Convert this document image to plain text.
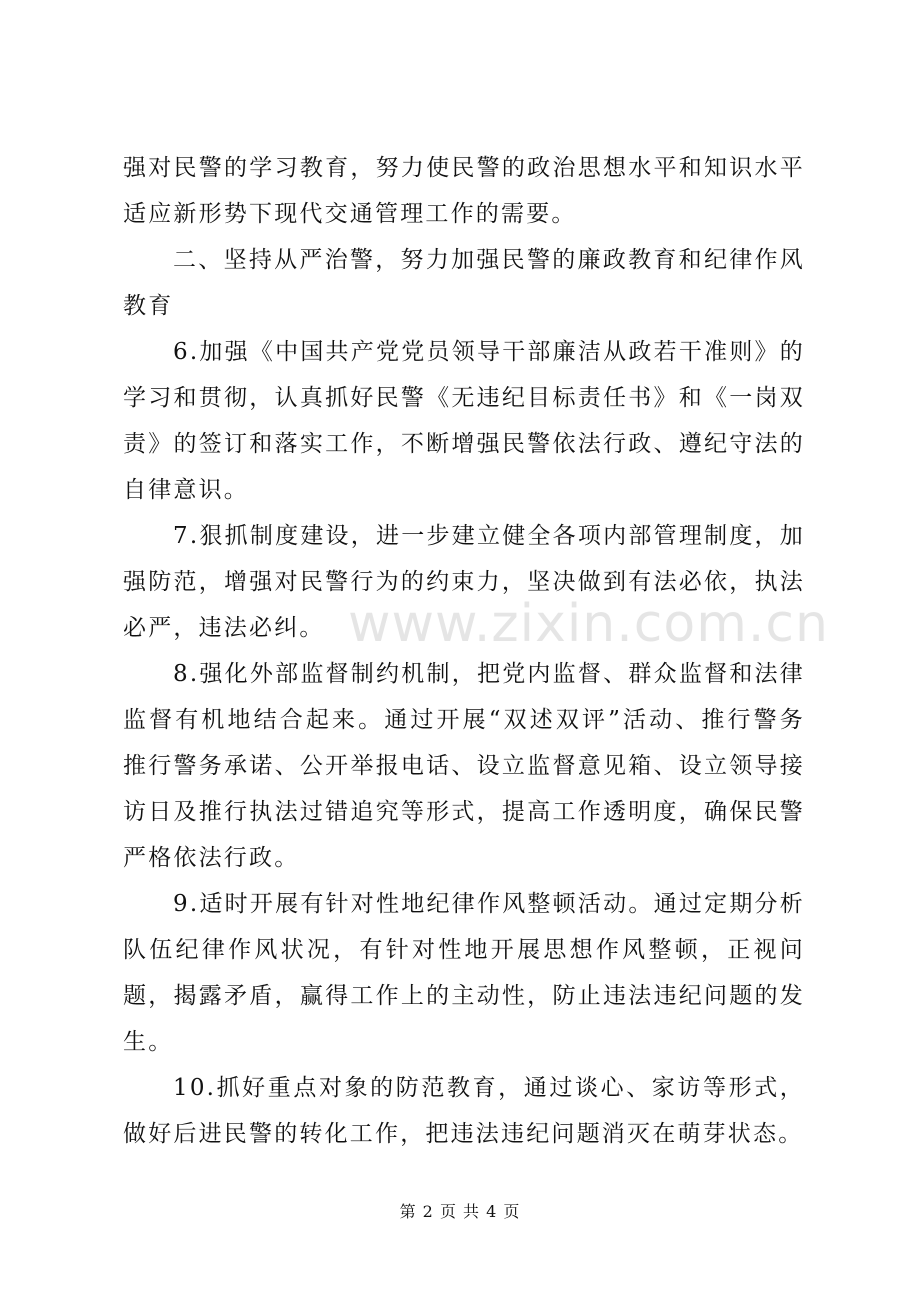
强对民警的学习教育，努力使民警的政治思想水平和知识水平适应新形势下现代交通管理工作的需要。

二、坚持从严治警，努力加强民警的廉政教育和纪律作风教育

6.加强《中国共产党党员领导干部廉洁从政若干准则》的学习和贯彻，认真抓好民警《无违纪目标责任书》和《一岗双责》的签订和落实工作，不断增强民警依法行政、遵纪守法的自律意识。

7.狠抓制度建设，进一步建立健全各项内部管理制度，加强防范，增强对民警行为的约束力，坚决做到有法必依，执法必严，违法必纠。

8.强化外部监督制约机制，把党内监督、群众监督和法律监督有机地结合起来。通过开展“双述双评”活动、推行警务推行警务承诺、公开举报电话、设立监督意见箱、设立领导接访日及推行执法过错追究等形式，提高工作透明度，确保民警严格依法行政。

9.适时开展有针对性地纪律作风整顿活动。通过定期分析队伍纪律作风状况，有针对性地开展思想作风整顿，正视问题，揭露矛盾，赢得工作上的主动性，防止违法违纪问题的发生。

10.抓好重点对象的防范教育，通过谈心、家访等形式，做好后进民警的转化工作，把违法违纪问题消灭在萌芽状态。

www.zixin.com.cn
第 2 页 共 4 页
